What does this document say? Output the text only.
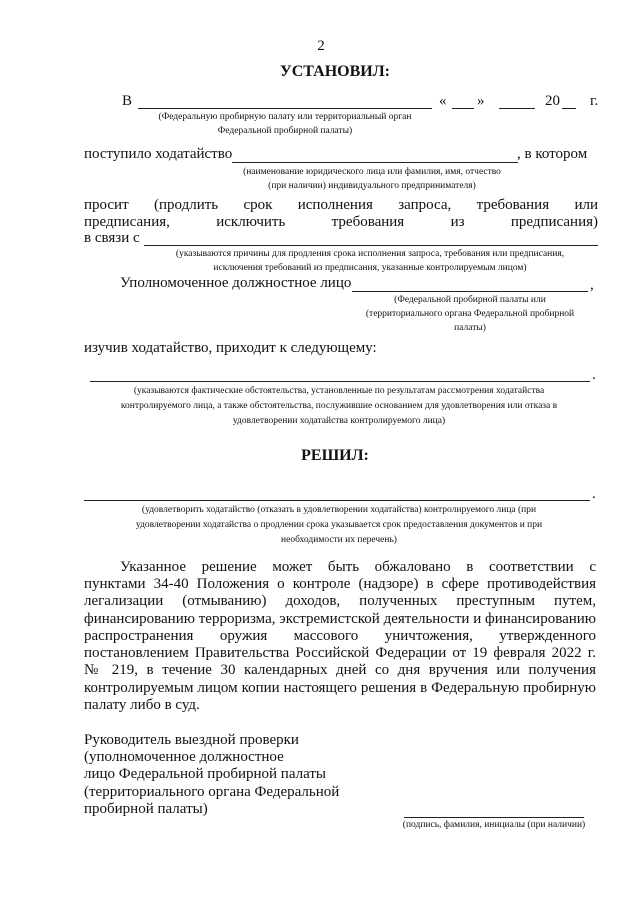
2
УСТАНОВИЛ:
В	« »	20 г.
(Федеральную пробирную палату или территориальный орган
Федеральной пробирной палаты)
поступило ходатайство	, в котором
(наименование юридического лица или фамилия, имя, отчество
(при наличии) индивидуального предпринимателя)
просит (продлить срок исполнения запроса, требования или
предписания,	исключить	требования	из	предписания)
в связи с
(указываются причины для продления срока исполнения запроса, требования или предписания,
исключения требований из предписания, указанные контролируемым лицом)
Уполномоченное должностное лицо	,
(Федеральной пробирной палаты или
(территориального органа Федеральной пробирной
палаты)
изучив ходатайство, приходит к следующему:
.
(указываются фактические обстоятельства, установленные по результатам рассмотрения ходатайства
контролируемого лица, а также обстоятельства, послужившие основанием для удовлетворения или отказа в
удовлетворении ходатайства контролируемого лица)
РЕШИЛ:
.
(удовлетворить ходатайство (отказать в удовлетворении ходатайства) контролируемого лица (при
удовлетворении ходатайства о продлении срока указывается срок предоставления документов и при
необходимости их перечень)
Указанное решение может быть обжаловано в соответствии с
пунктами 34-40 Положения о контроле (надзоре) в сфере противодействия
легализации (отмыванию) доходов, полученных преступным путем,
финансированию терроризма, экстремистской деятельности и финансированию
распространения оружия массового уничтожения, утвержденного
постановлением Правительства Российской Федерации от 19 февраля 2022 г.
№ 219, в течение 30 календарных дней со дня вручения или получения
контролируемым лицом копии настоящего решения в Федеральную пробирную
палату либо в суд.
Руководитель выездной проверки
(уполномоченное должностное
лицо Федеральной пробирной палаты
(территориального органа Федеральной
пробирной палаты)
(подпись, фамилия, инициалы (при наличии)
